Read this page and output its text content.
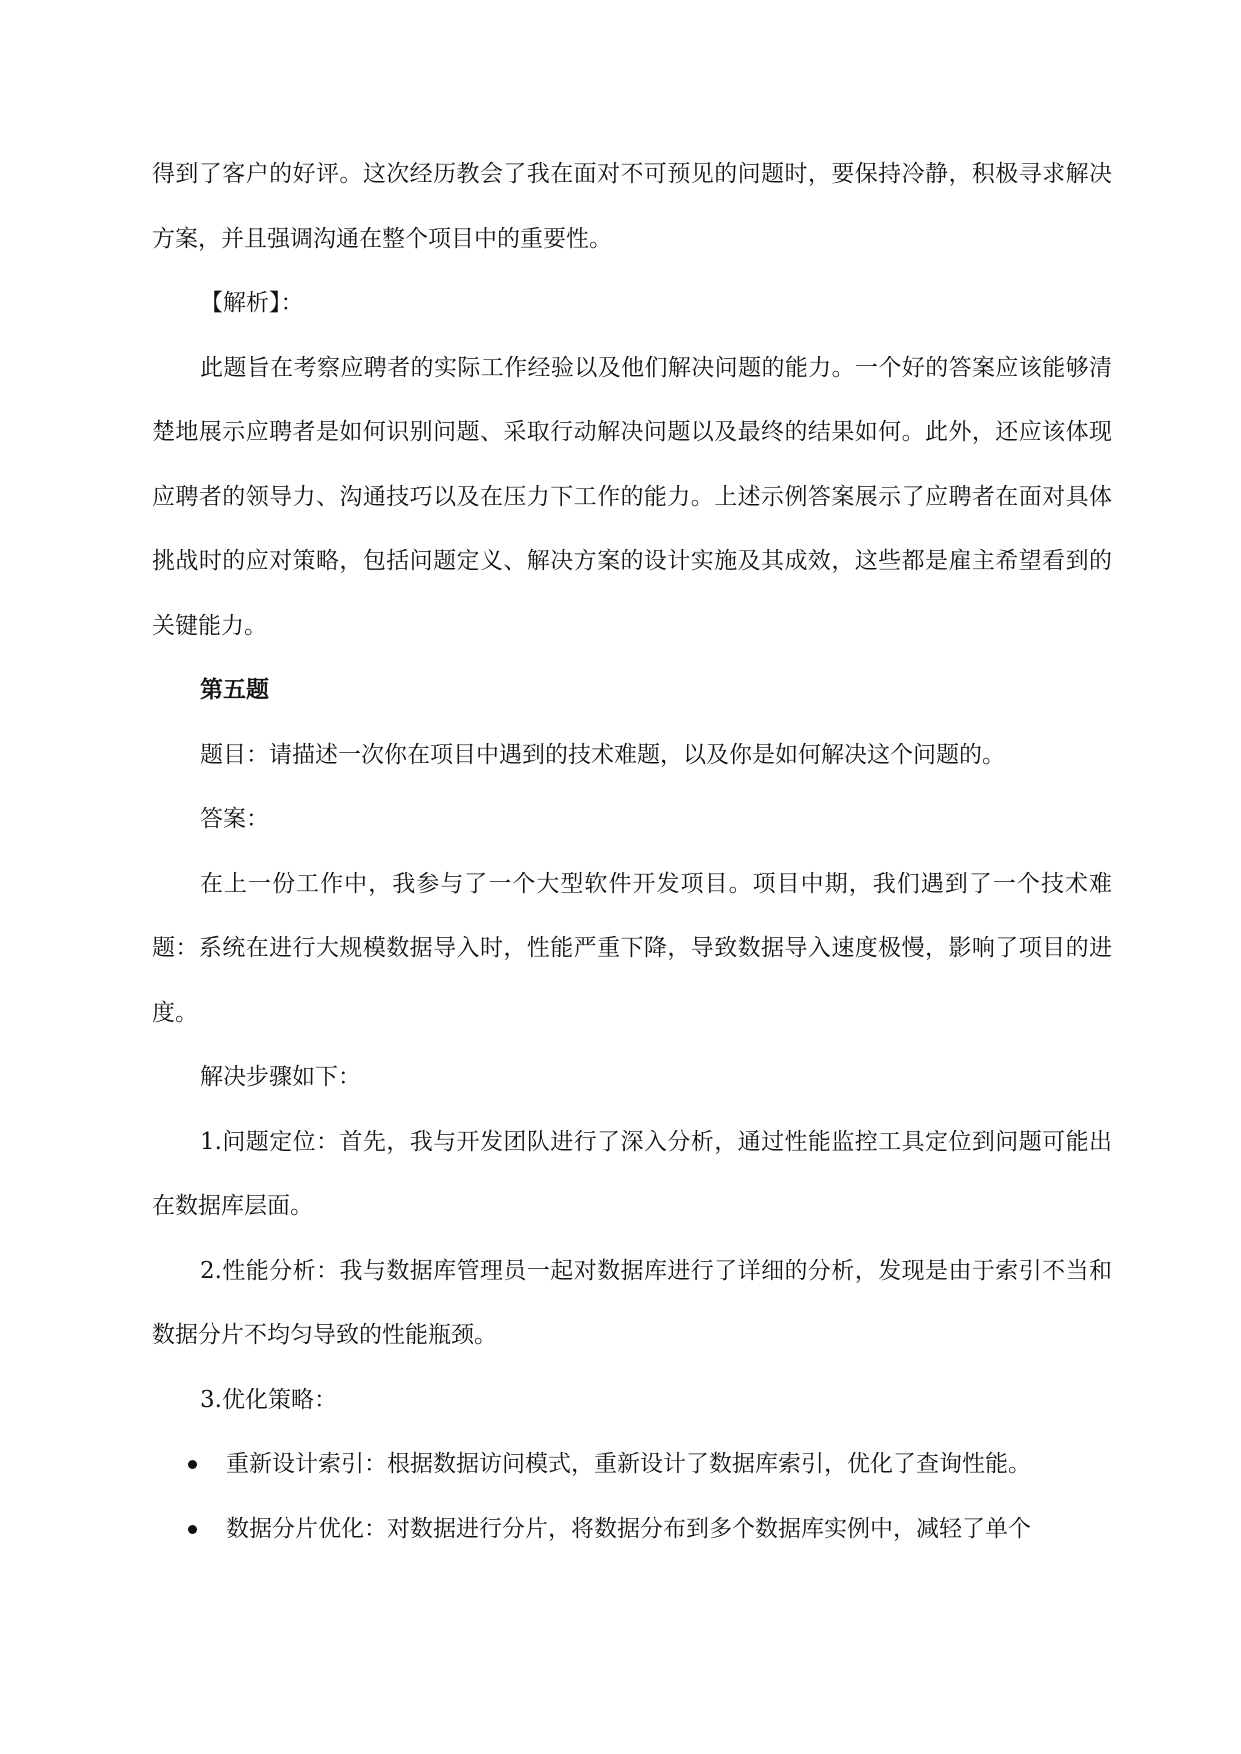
得到了客户的好评。这次经历教会了我在面对不可预见的问题时，要保持冷静，积极寻求解决方案，并且强调沟通在整个项目中的重要性。

【解析】：

此题旨在考察应聘者的实际工作经验以及他们解决问题的能力。一个好的答案应该能够清楚地展示应聘者是如何识别问题、采取行动解决问题以及最终的结果如何。此外，还应该体现应聘者的领导力、沟通技巧以及在压力下工作的能力。上述示例答案展示了应聘者在面对具体挑战时的应对策略，包括问题定义、解决方案的设计实施及其成效，这些都是雇主希望看到的关键能力。

第五题

题目：请描述一次你在项目中遇到的技术难题，以及你是如何解决这个问题的。

答案：

在上一份工作中，我参与了一个大型软件开发项目。项目中期，我们遇到了一个技术难题：系统在进行大规模数据导入时，性能严重下降，导致数据导入速度极慢，影响了项目的进度。

解决步骤如下：

1.问题定位：首先，我与开发团队进行了深入分析，通过性能监控工具定位到问题可能出在数据库层面。

2.性能分析：我与数据库管理员一起对数据库进行了详细的分析，发现是由于索引不当和数据分片不均匀导致的性能瓶颈。

3.优化策略：

重新设计索引：根据数据访问模式，重新设计了数据库索引，优化了查询性能。
数据分片优化：对数据进行分片，将数据分布到多个数据库实例中，减轻了单个
